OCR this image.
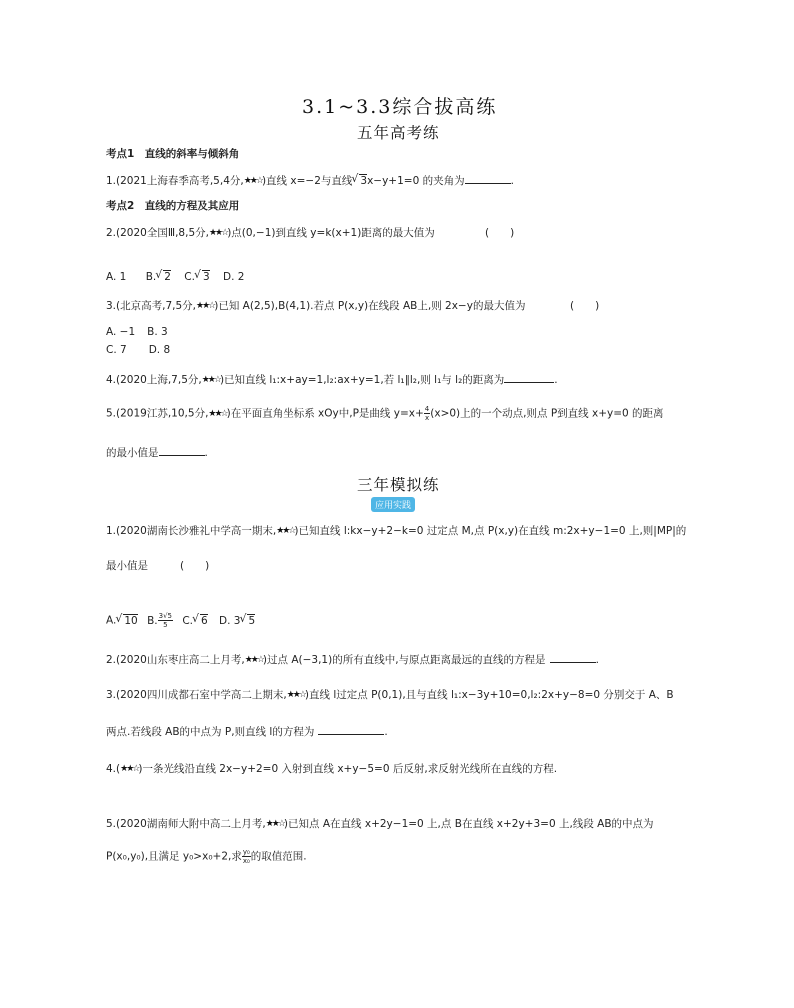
3.1~3.3综合拔高练
五年高考练
考点1　直线的斜率与倾斜角
1.(2021上海春季高考,5,4分,★★☆)直线 x=−2与直线√ 3x−y+1=0 的夹角为	.
考点2　直线的方程及其应用
2.(2020全国Ⅲ,8,5分,★★☆)点(0,−1)到直线 y=k(x+1)距离的最大值为	(　　)
A. 1 B.√ 2 C.√ 3 D. 2
3.(北京高考,7,5分,★★☆)已知 A(2,5),B(4,1).若点 P(x,y)在线段 AB上,则 2x−y的最大值为	(　　)
A. −1 B. 3
C. 7 D. 8
4.(2020上海,7,5分,★★☆)已知直线 l₁:x+ay=1,l₂:ax+y=1,若 l₁∥l₂,则 l₁与 l₂的距离为	.
5.(2019江苏,10,5分,★★☆)在平面直角坐标系 xOy中,P是曲线 $y=x+ \frac{4}{x} (x>0)$上的一个动点,则点 P到直线 x+y=0 的距离
的最小值是	.
三年模拟练
应用实践
1.(2020湖南长沙雅礼中学高一期末,★★☆)已知直线 l:kx−y+2−k=0 过定点 M,点 P(x,y)在直线 m:2x+y−1=0 上,则|MP|的
最小值是	(　　)
A.√ 10 B. $\frac{3√5}{5} C.√$ 6 D. 3√ 5
2.(2020山东枣庄高二上月考,★★☆)过点 A(−3,1)的所有直线中,与原点距离最远的直线的方程是	.
3.(2020四川成都石室中学高二上期末,★★☆)直线 l过定点 P(0,1),且与直线 l₁:x−3y+10=0,l₂:2x+y−8=0 分别交于 A、B
两点.若线段 AB的中点为 P,则直线 l的方程为	.
4.(★★☆)一条光线沿直线 2x−y+2=0 入射到直线 x+y−5=0 后反射,求反射光线所在直线的方程.
5.(2020湖南师大附中高二上月考,★★☆)已知点 A在直线 x+2y−1=0 上,点 B在直线 x+2y+3=0 上,线段 AB的中点为
P(x₀,y₀),且满足 y₀>x₀+2,求 $\frac{\text{y₀}}{\text{x₀}}$ 的取值范围.
